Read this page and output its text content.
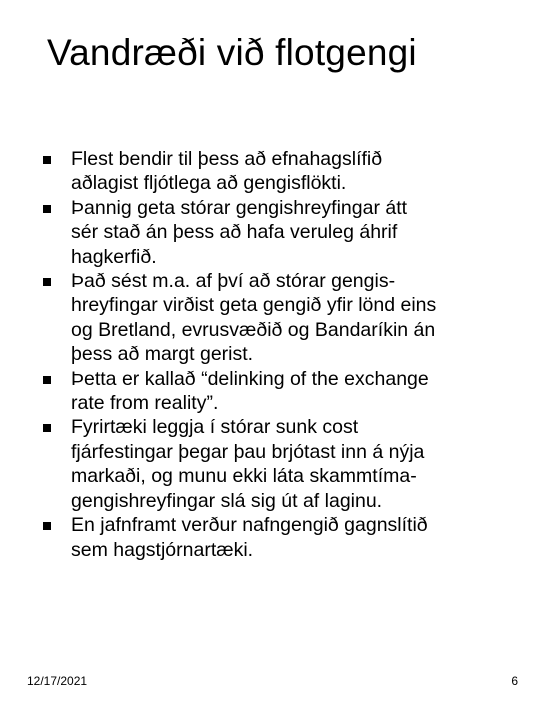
Vandræði við flotgengi
Flest bendir til þess að efnahagslífið
aðlagist fljótlega að gengisflökti.
Þannig geta stórar gengishreyfingar átt
sér stað án þess að hafa veruleg áhrif
hagkerfið.
Það sést m.a. af því að stórar gengis-
hreyfingar virðist geta gengið yfir lönd eins
og Bretland, evrusvæðið og Bandaríkin án
þess að margt gerist.
Þetta er kallað “delinking of the exchange
rate from reality”.
Fyrirtæki leggja í stórar sunk cost
fjárfestingar þegar þau brjótast inn á nýja
markaði, og munu ekki láta skammtíma-
gengishreyfingar slá sig út af laginu.
En jafnframt verður nafngengið gagnslítið
sem hagstjórnartæki.
12/17/2021	6
